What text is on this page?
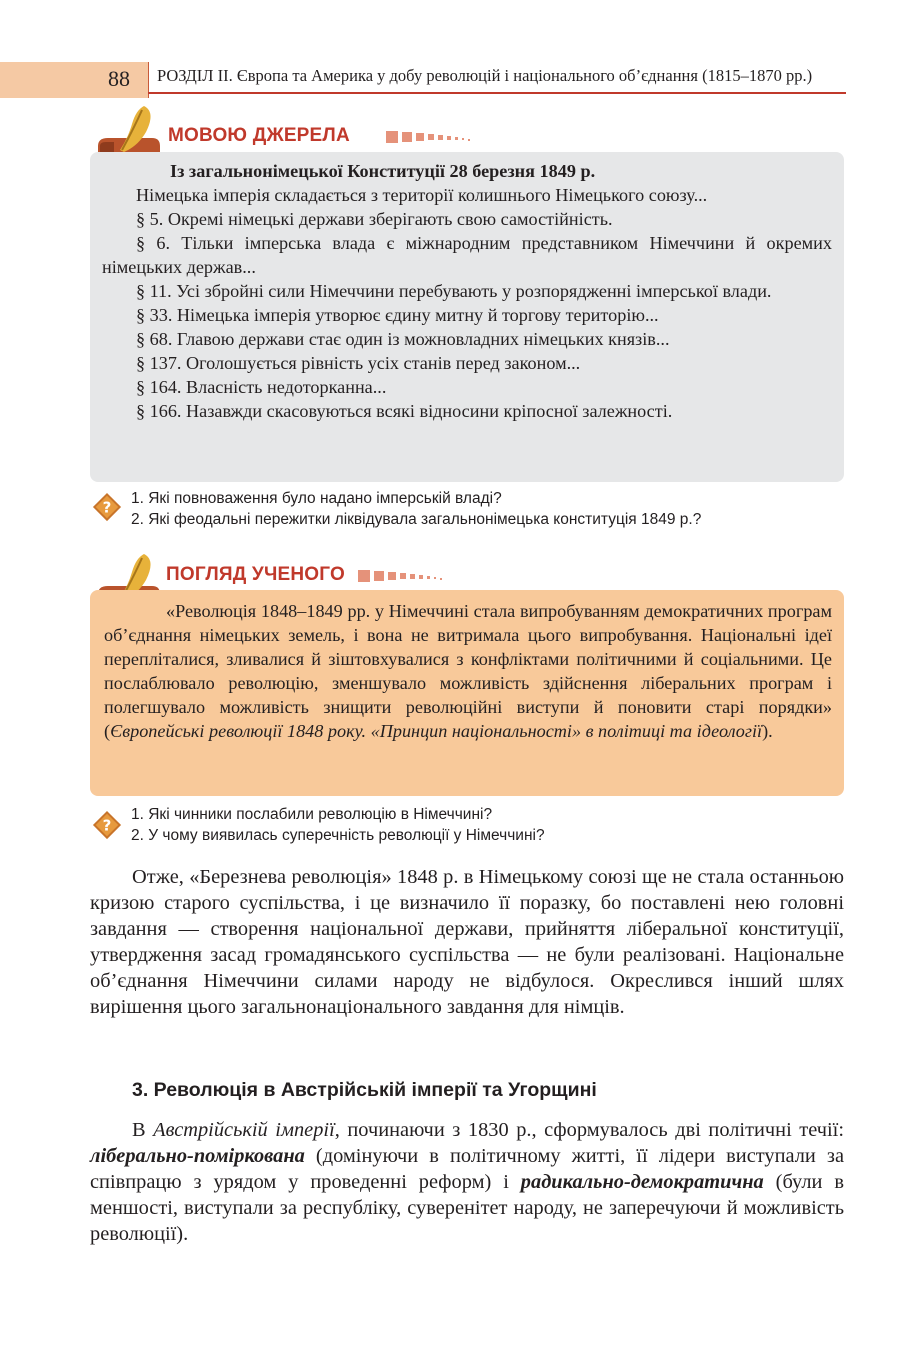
88	РОЗДІЛ ІІ. Європа та Америка у добу революцій і національного об’єднання (1815–1870 рр.)
МОВОЮ ДЖЕРЕЛА

Із загальнонімецької Конституції 28 березня 1849 р.

Німецька імперія складається з території колишнього Німецького союзу...

§ 5. Окремі німецькі держави зберігають свою самостійність.

§ 6. Тільки імперська влада є міжнародним представником Німеччини й окремих німецьких держав...

§ 11. Усі збройні сили Німеччини перебувають у розпорядженні імперської влади.

§ 33. Німецька імперія утворює єдину митну й торгову територію...

§ 68. Главою держави стає один із можновладних німецьких князів...

§ 137. Оголошується рівність усіх станів перед законом...

§ 164. Власність недоторканна...

§ 166. Назавжди скасовуються всякі відносини кріпосної залежності.

?
1. Які повноваження було надано імперській владі?
2. Які феодальні пережитки ліквідувала загальнонімецька конституція 1849 р.?
ПОГЛЯД УЧЕНОГО

«Революція 1848–1849 рр. у Німеччині стала випробуванням демократичних програм об’єднання німецьких земель, і вона не витримала цього випробування. Національні ідеї перепліталися, зливалися й зіштовхувалися з конфліктами політичними й соціальними. Це послаблювало революцію, зменшувало можливість здійснення ліберальних програм і полегшувало можливість знищити революційні виступи й поновити старі порядки» (Європейські революції 1848 року. «Принцип національності» в політиці та ідеології).

?
1. Які чинники послабили революцію в Німеччині?
2. У чому виявилась суперечність революції у Німеччині?

Отже, «Березнева революція» 1848 р. в Німецькому союзі ще не стала останньою кризою старого суспільства, і це визначило її поразку, бо поставлені нею головні завдання — створення національної держави, прийняття ліберальної конституції, утвердження засад громадянського суспільства — не були реалізовані. Національне об’єднання Німеччини силами народу не відбулося. Окреслився інший шлях вирішення цього загальнонаціонального завдання для німців.

3. Революція в Австрійській імперії та Угорщині

В Австрійській імперії, починаючи з 1830 р., сформувалось дві політичні течії: ліберально-поміркована (домінуючи в політичному житті, її лідери виступали за співпрацю з урядом у проведенні реформ) і радикально-демократична (були в меншості, виступали за республіку, суверенітет народу, не заперечуючи й можливість революції).
